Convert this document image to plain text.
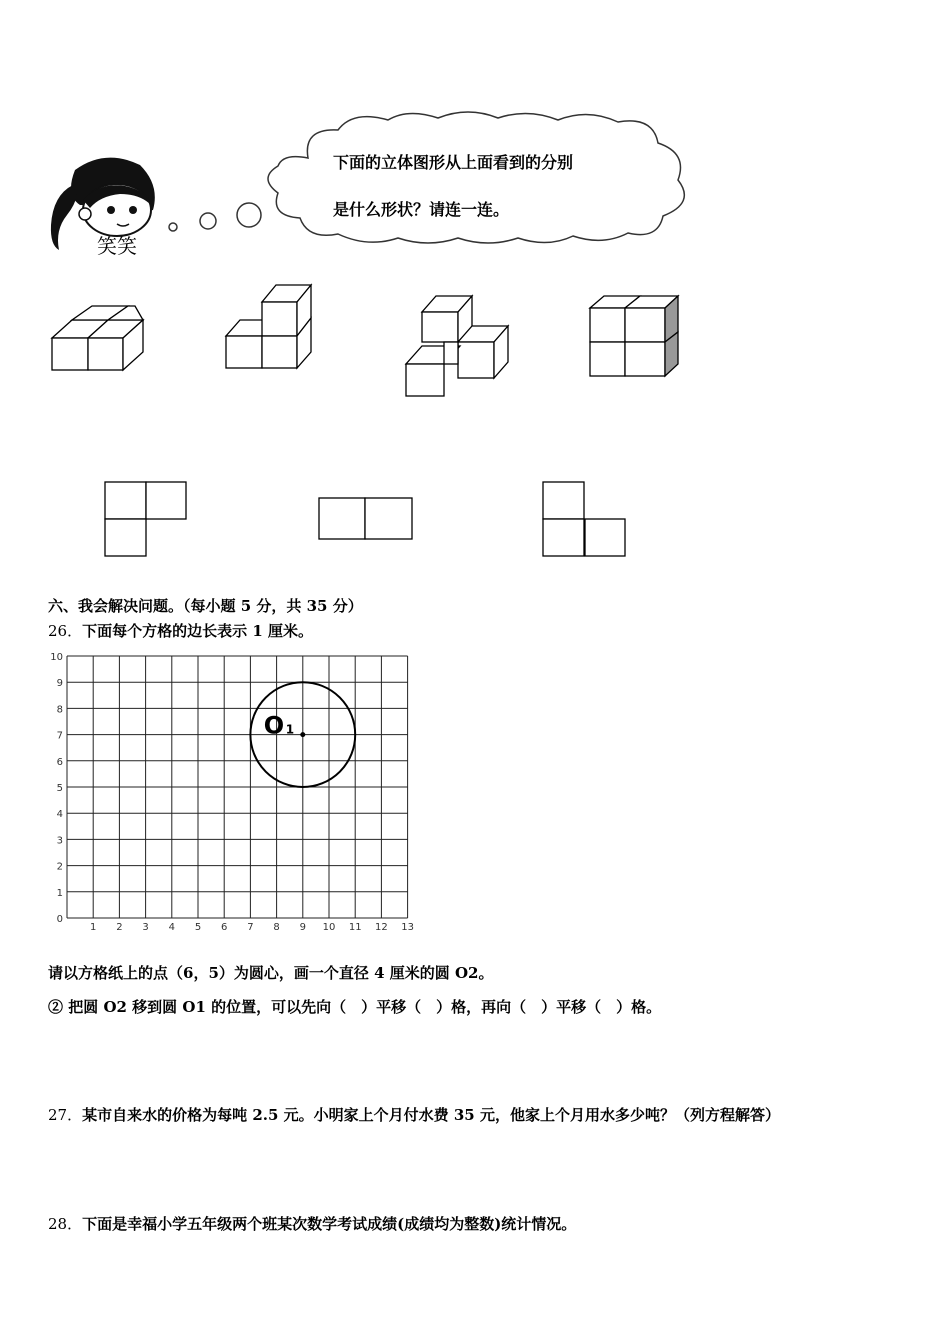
笑笑
下面的立体图形从上面看到的分别
是什么形状？请连一连。
六、我会解决问题。（每小题 5 分，共 35 分）
26．下面每个方格的边长表示 1 厘米。
1 2 3 4 5 6 7 8 9 10 11 12 13
0
1
2
3
4
5
6
7
8
9
10
O 1
请以方格纸上的点（6，5）为圆心，画一个直径 4 厘米的圆 O2。
② 把圆 O2 移到圆 O1 的位置，可以先向（　）平移（　）格，再向（　）平移（　）格。
27．某市自来水的价格为每吨 2.5 元。小明家上个月付水费 35 元，他家上个月用水多少吨？（列方程解答）
28．下面是幸福小学五年级两个班某次数学考试成绩(成绩均为整数)统计情况。
